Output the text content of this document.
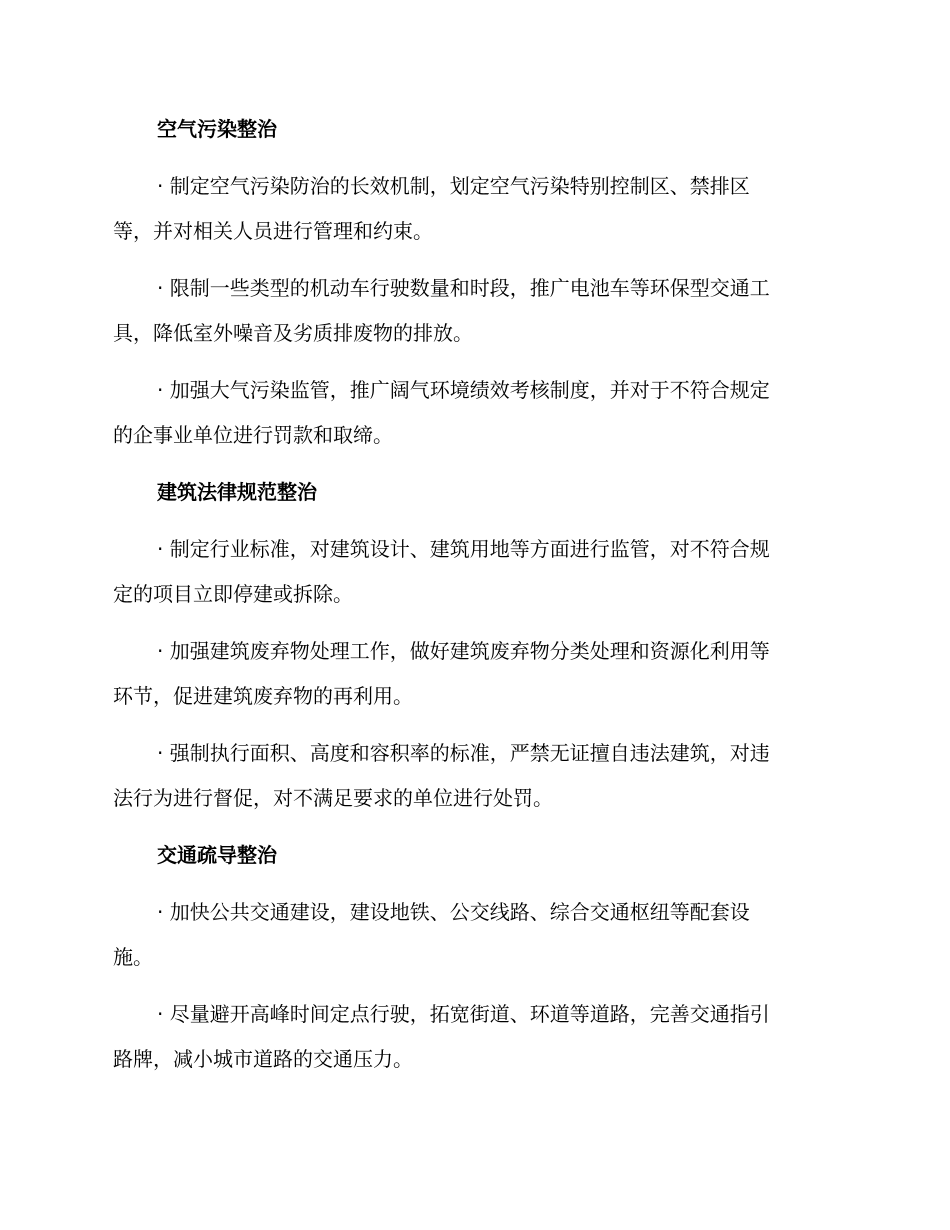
空气污染整治
· 制定空气污染防治的长效机制，划定空气污染特别控制区、禁排区
等，并对相关人员进行管理和约束。
· 限制一些类型的机动车行驶数量和时段，推广电池车等环保型交通工
具，降低室外噪音及劣质排废物的排放。
· 加强大气污染监管，推广阔气环境绩效考核制度，并对于不符合规定
的企事业单位进行罚款和取缔。
建筑法律规范整治
· 制定行业标准，对建筑设计、建筑用地等方面进行监管，对不符合规
定的项目立即停建或拆除。
· 加强建筑废弃物处理工作，做好建筑废弃物分类处理和资源化利用等
环节，促进建筑废弃物的再利用。
· 强制执行面积、高度和容积率的标准，严禁无证擅自违法建筑，对违
法行为进行督促，对不满足要求的单位进行处罚。
交通疏导整治
· 加快公共交通建设，建设地铁、公交线路、综合交通枢纽等配套设
施。
· 尽量避开高峰时间定点行驶，拓宽街道、环道等道路，完善交通指引
路牌，减小城市道路的交通压力。
